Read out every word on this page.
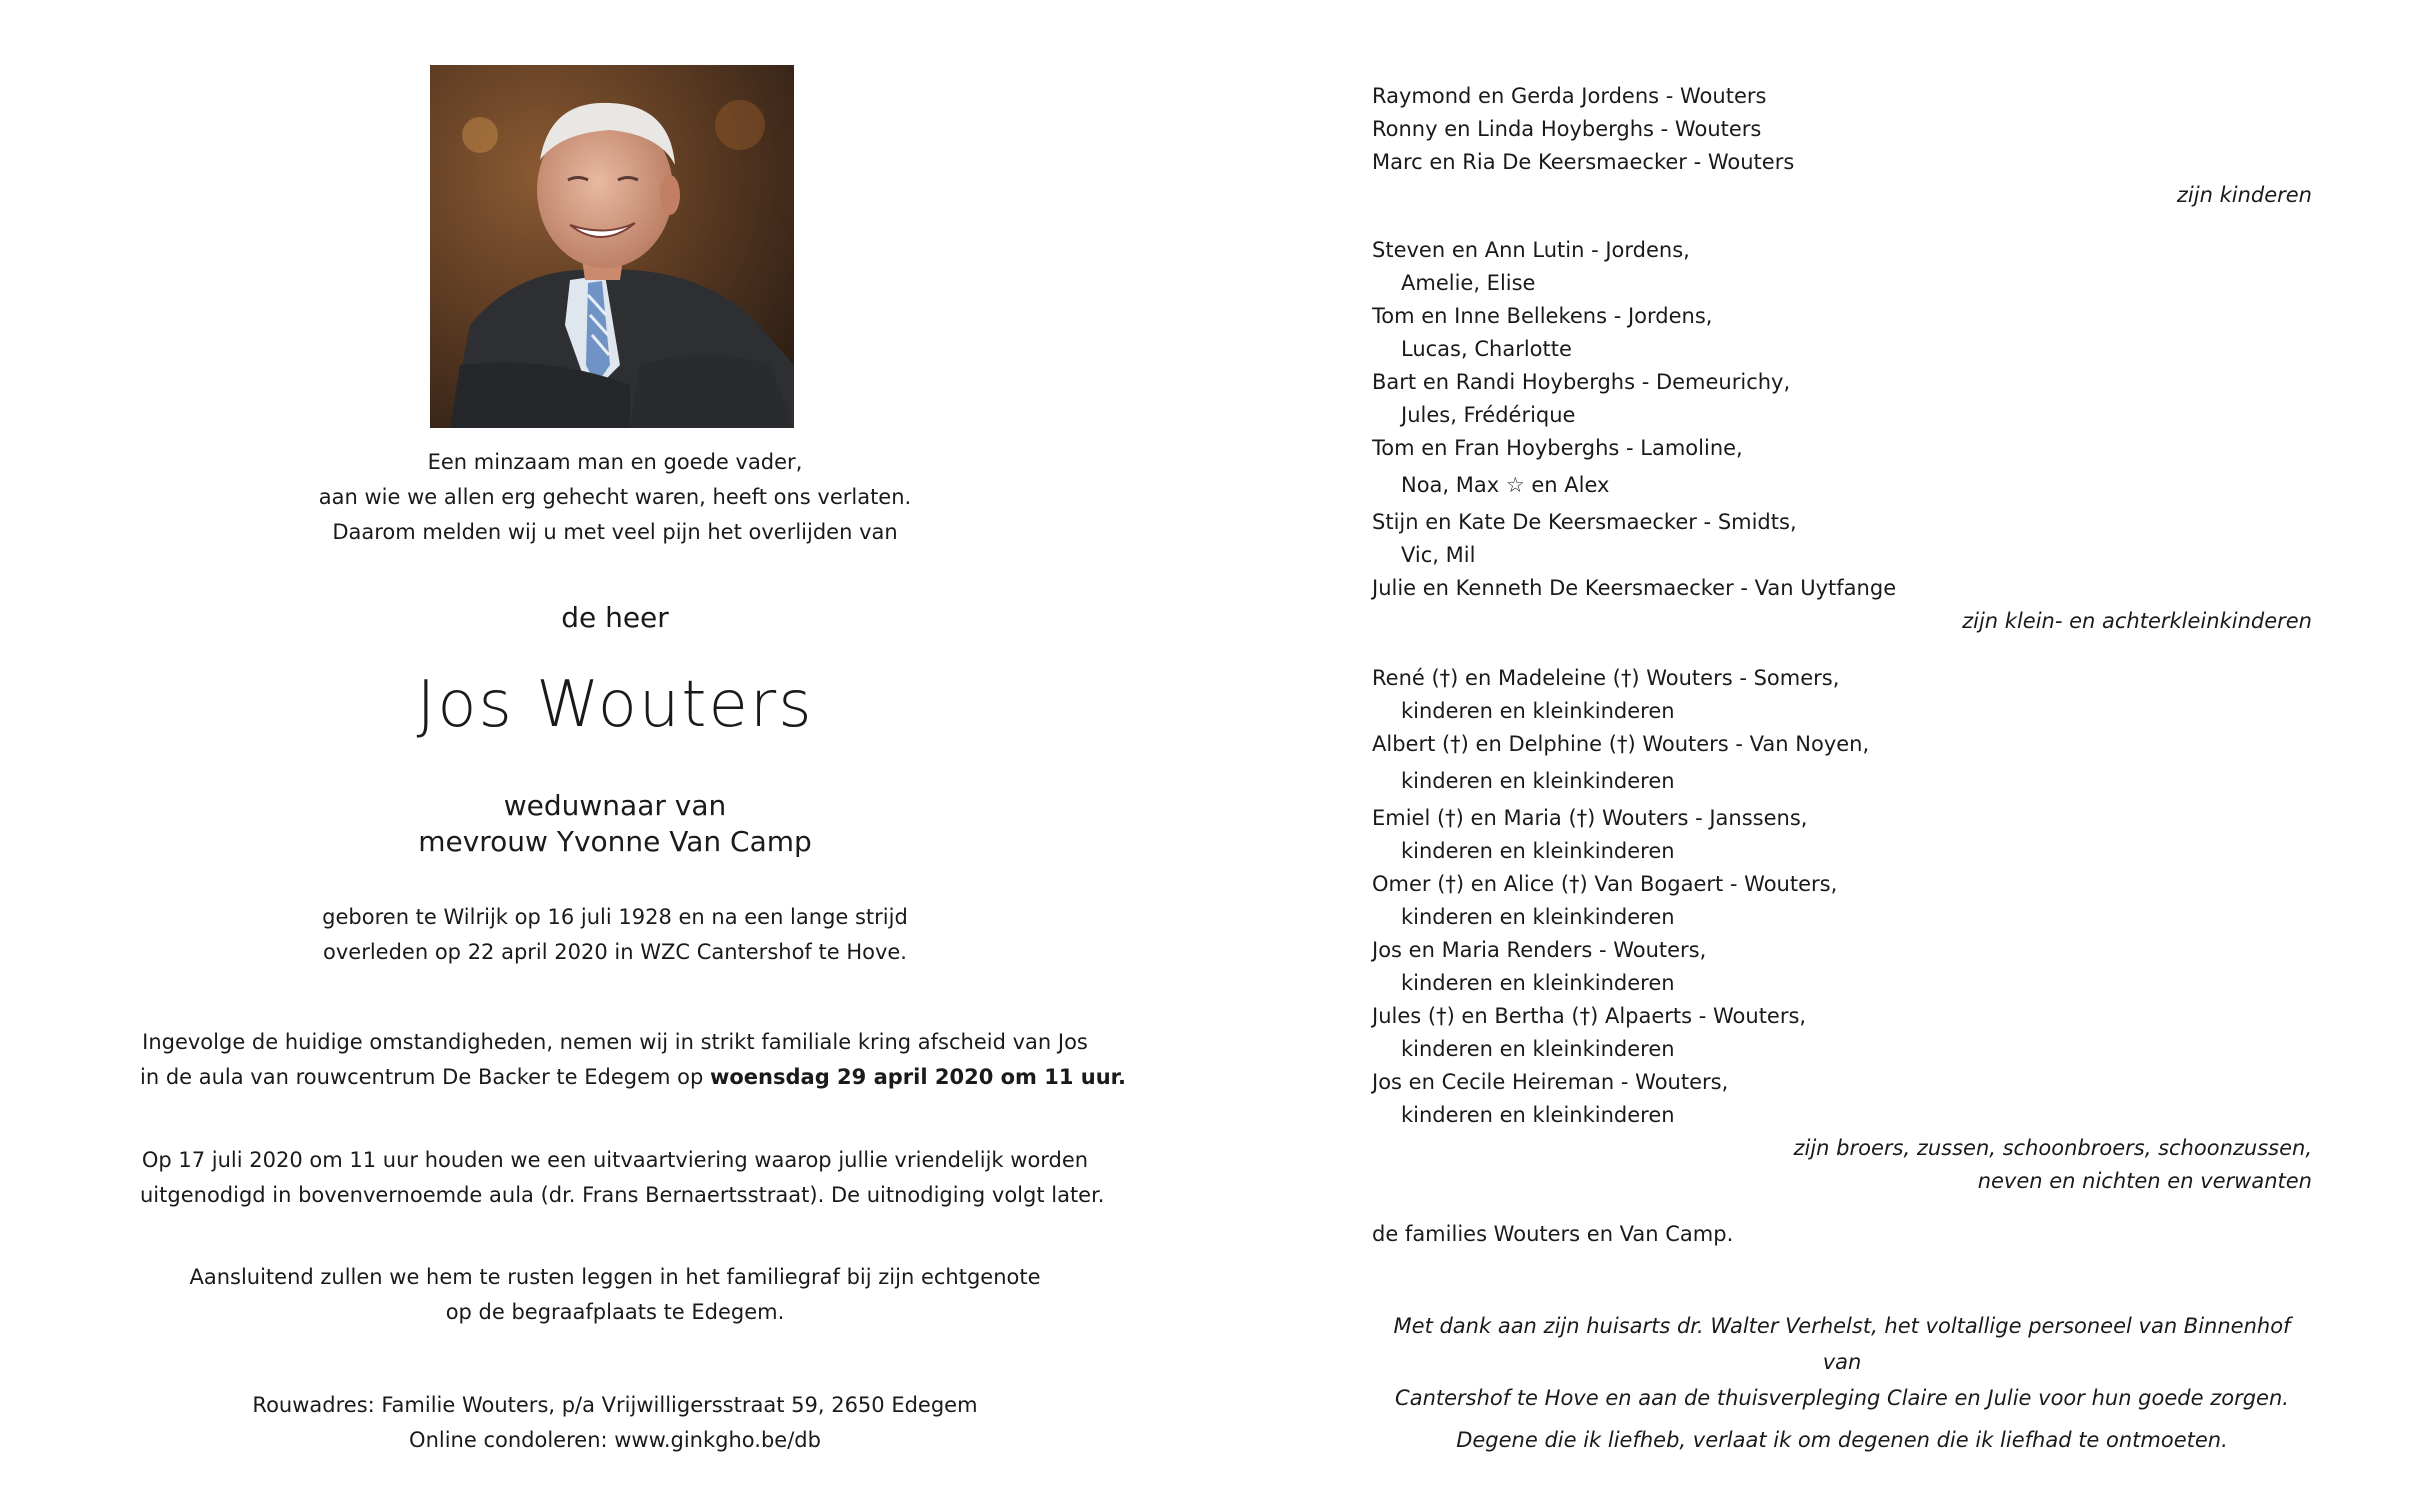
Een minzaam man en goede vader,
aan wie we allen erg gehecht waren, heeft ons verlaten.
Daarom melden wij u met veel pijn het overlijden van
de heer
Jos Wouters
weduwnaar van
mevrouw Yvonne Van Camp
geboren te Wilrijk op 16 juli 1928 en na een lange strijd
overleden op 22 april 2020 in WZC Cantershof te Hove.
Ingevolge de huidige omstandigheden, nemen wij in strikt familiale kring afscheid van Jos
in de aula van rouwcentrum De Backer te Edegem op woensdag 29 april 2020 om 11 uur.
Op 17 juli 2020 om 11 uur houden we een uitvaartviering waarop jullie vriendelijk worden
uitgenodigd in bovenvernoemde aula (dr. Frans Bernaertsstraat). De uitnodiging volgt later.
Aansluitend zullen we hem te rusten leggen in het familiegraf bij zijn echtgenote
op de begraafplaats te Edegem.
Rouwadres: Familie Wouters, p/a Vrijwilligersstraat 59, 2650 Edegem
Online condoleren: www.ginkgho.be/db
Raymond en Gerda Jordens - Wouters
Ronny en Linda Hoyberghs - Wouters
Marc en Ria De Keersmaecker - Wouters
zijn kinderen
Steven en Ann Lutin - Jordens,
Amelie, Elise
Tom en Inne Bellekens - Jordens,
Lucas, Charlotte
Bart en Randi Hoyberghs - Demeurichy,
Jules, Frédérique
Tom en Fran Hoyberghs - Lamoline,
Noa, Max ☆ en Alex
Stijn en Kate De Keersmaecker - Smidts,
Vic, Mil
Julie en Kenneth De Keersmaecker - Van Uytfange
zijn klein- en achterkleinkinderen
René (†) en Madeleine (†) Wouters - Somers,
kinderen en kleinkinderen
Albert (†) en Delphine (†) Wouters - Van Noyen,
kinderen en kleinkinderen
Emiel (†) en Maria (†) Wouters - Janssens,
kinderen en kleinkinderen
Omer (†) en Alice (†) Van Bogaert - Wouters,
kinderen en kleinkinderen
Jos en Maria Renders - Wouters,
kinderen en kleinkinderen
Jules (†) en Bertha (†) Alpaerts - Wouters,
kinderen en kleinkinderen
Jos en Cecile Heireman - Wouters,
kinderen en kleinkinderen
zijn broers, zussen, schoonbroers, schoonzussen,
neven en nichten en verwanten
de families Wouters en Van Camp.
Met dank aan zijn huisarts dr. Walter Verhelst, het voltallige personeel van Binnenhof van
Cantershof te Hove en aan de thuisverpleging Claire en Julie voor hun goede zorgen.
Degene die ik liefheb, verlaat ik om degenen die ik liefhad te ontmoeten.
